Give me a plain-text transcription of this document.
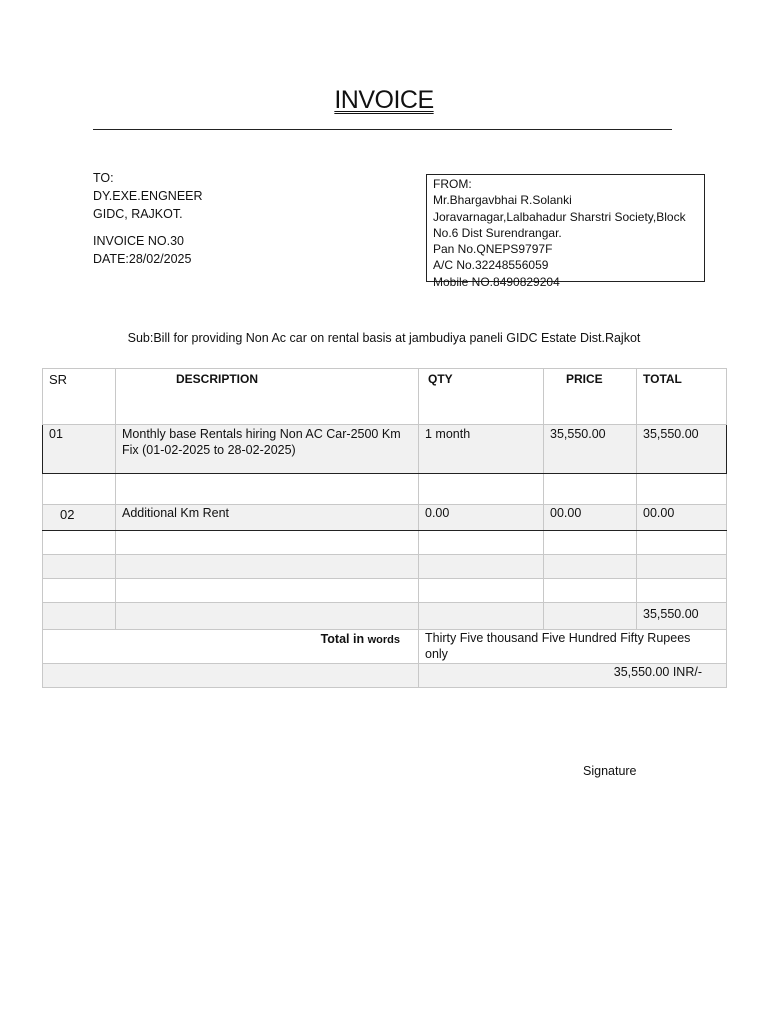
INVOICE
TO:
DY.EXE.ENGNEER
GIDC, RAJKOT.
INVOICE NO.30
DATE:28/02/2025
FROM:
Mr.Bhargavbhai R.Solanki
Joravarnagar,Lalbahadur Sharstri Society,Block
No.6 Dist Surendrangar.
Pan No.QNEPS9797F
A/C No.32248556059
Mobile NO.8490829204
Sub:Bill for providing Non Ac car on rental basis at jambudiya paneli GIDC Estate Dist.Rajkot
SR	DESCRIPTION	QTY	PRICE	TOTAL
01	Monthly base Rentals hiring Non AC Car-2500 Km Fix (01-02-2025 to 28-02-2025)	1 month	35,550.00	35,550.00

02	Additional Km Rent	0.00	00.00	00.00

				35,550.00
Total in words		Thirty Five thousand Five Hundred Fifty Rupees only		
		35,550.00 INR/-		
Signature
